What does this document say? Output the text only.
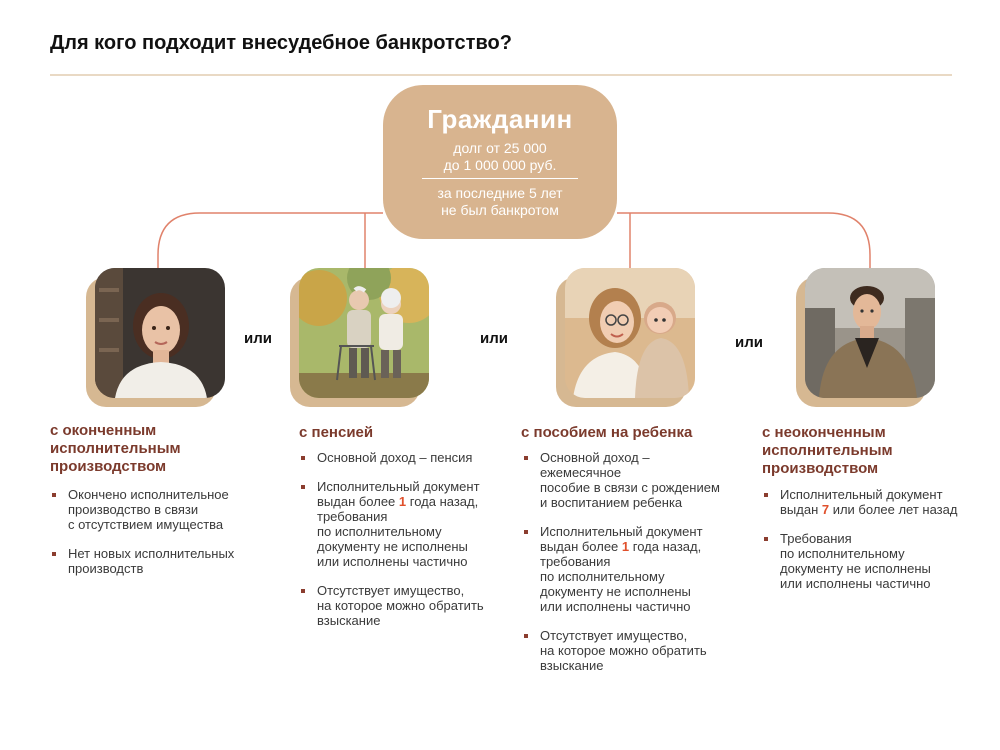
Для кого подходит внесудебное банкротство?
Гражданин
долг от 25 000
до 1 000 000 руб.
за последние 5 лет
не был банкротом
или	или	или
с оконченным
исполнительным
производством
с пенсией	с пособием на ребенка	с неоконченным
исполнительным
производством
Окончено исполнительное
производство в связи
с отсутствием имущества
Нет новых исполнительных
производств
Основной доход – пенсия
Исполнительный документ
выдан более 1 года назад,
требования
по исполнительному
документу не исполнены
или исполнены частично
Отсутствует имущество,
на которое можно обратить
взыскание
Основной доход –
ежемесячное
пособие в связи с рождением
и воспитанием ребенка
Исполнительный документ
выдан более 1 года назад,
требования
по исполнительному
документу не исполнены
или исполнены частично
Отсутствует имущество,
на которое можно обратить
взыскание
Исполнительный документ
выдан 7 или более лет назад
Требования
по исполнительному
документу не исполнены
или исполнены частично
